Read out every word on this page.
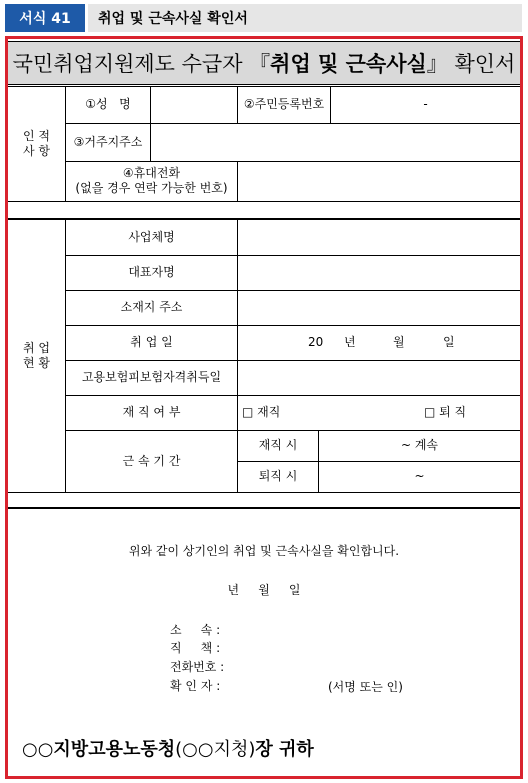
서식 41	취업 및 근속사실 확인서
국민취업지원제도 수급자 『 취업 및 근속사실 』 확인서
인 적
사 항
①성   명	②주민등록번호	-
③거주지주소
④휴대전화
(없을 경우 연락 가능한 번호)
취 업
현 황
사업체명
대표자명
소재지 주소
취 업 일	20 년	월	일
고용보험피보험자격취득일
재 직 여 부	□ 재직	□ 퇴 직
근 속 기 간
재직 시	~ 계속
퇴직 시	~
위와 같이 상기인의 취업 및 근속사실을 확인합니다.
년     월     일
소     속 :
직     책 :
전화번호 :
확 인 자 :	(서명 또는 인)
○○지방고용노동청(○○지청)장 귀하
